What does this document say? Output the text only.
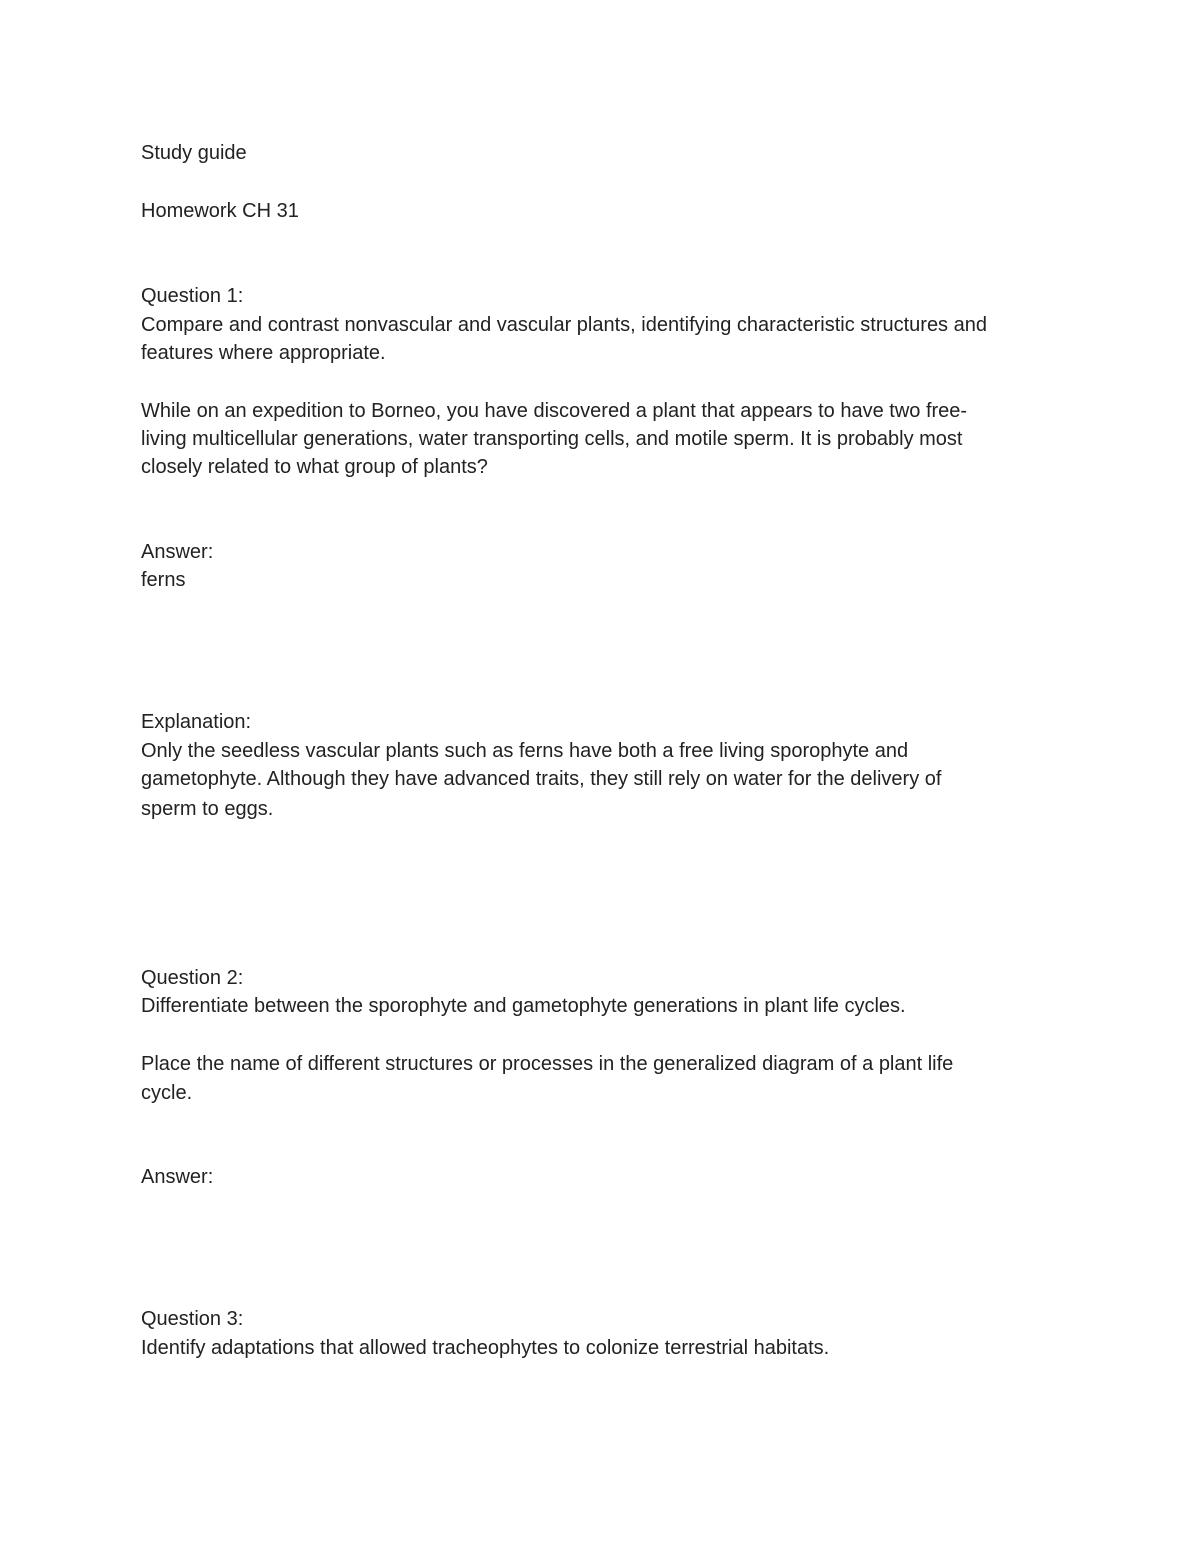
Study guide
Homework CH 31
Question 1:
Compare and contrast nonvascular and vascular plants, identifying characteristic structures and
features where appropriate.
While on an expedition to Borneo, you have discovered a plant that appears to have two free-
living multicellular generations, water transporting cells, and motile sperm. It is probably most
closely related to what group of plants?
Answer:
ferns
Explanation:
Only the seedless vascular plants such as ferns have both a free living sporophyte and
gametophyte. Although they have advanced traits, they still rely on water for the delivery of
sperm to eggs.
Question 2:
Differentiate between the sporophyte and gametophyte generations in plant life cycles.
Place the name of different structures or processes in the generalized diagram of a plant life
cycle.
Answer:
Question 3:
Identify adaptations that allowed tracheophytes to colonize terrestrial habitats.
